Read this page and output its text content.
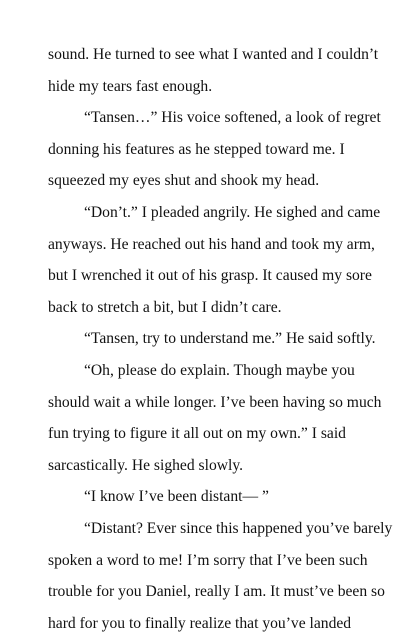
sound. He turned to see what I wanted and I couldn’t
hide my tears fast enough.
“Tansen…” His voice softened, a look of regret
donning his features as he stepped toward me. I
squeezed my eyes shut and shook my head.
“Don’t.” I pleaded angrily. He sighed and came
anyways. He reached out his hand and took my arm,
but I wrenched it out of his grasp. It caused my sore
back to stretch a bit, but I didn’t care.
“Tansen, try to understand me.” He said softly.
“Oh, please do explain. Though maybe you
should wait a while longer. I’ve been having so much
fun trying to figure it all out on my own.” I said
sarcastically. He sighed slowly.
“I know I’ve been distant— ”
“Distant? Ever since this happened you’ve barely
spoken a word to me! I’m sorry that I’ve been such
trouble for you Daniel, really I am. It must’ve been so
hard for you to finally realize that you’ve landed
